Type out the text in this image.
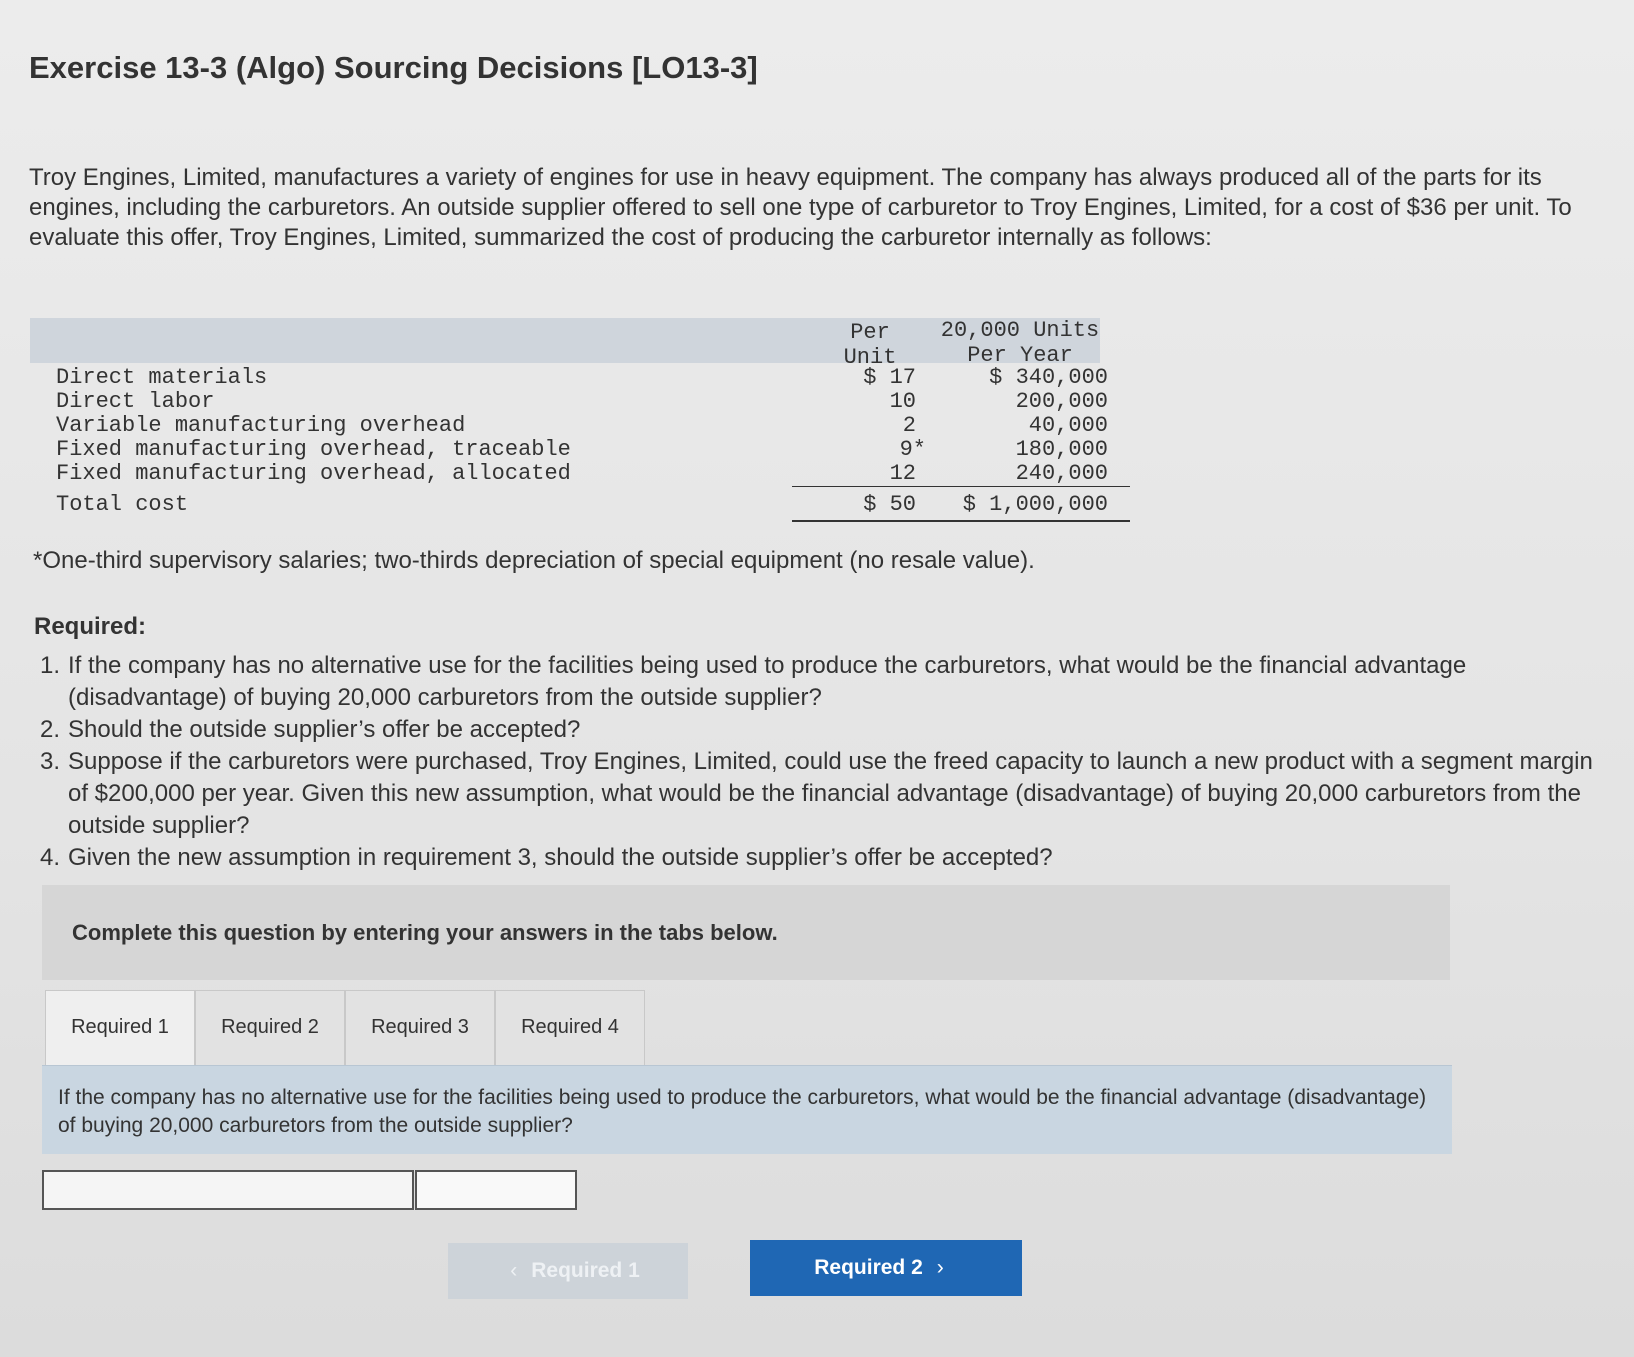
Exercise 13-3 (Algo) Sourcing Decisions [LO13-3]

Troy Engines, Limited, manufactures a variety of engines for use in heavy equipment. The company has always produced all of the parts for its engines, including the carburetors. An outside supplier offered to sell one type of carburetor to Troy Engines, Limited, for a cost of $36 per unit. To evaluate this offer, Troy Engines, Limited, summarized the cost of producing the carburetor internally as follows:

Per
Unit
20,000 Units
Per Year
Direct materials	$ 17	$ 340,000
Direct labor	10	200,000
Variable manufacturing overhead	2	40,000
Fixed manufacturing overhead, traceable	9*	180,000
Fixed manufacturing overhead, allocated	12	240,000
Total cost	$ 50	$ 1,000,000
*One-third supervisory salaries; two-thirds depreciation of special equipment (no resale value).
Required:
1. If the company has no alternative use for the facilities being used to produce the carburetors, what would be the financial advantage (disadvantage) of buying 20,000 carburetors from the outside supplier?
2. Should the outside supplier’s offer be accepted?
3. Suppose if the carburetors were purchased, Troy Engines, Limited, could use the freed capacity to launch a new product with a segment margin of $200,000 per year. Given this new assumption, what would be the financial advantage (disadvantage) of buying 20,000 carburetors from the outside supplier?
4. Given the new assumption in requirement 3, should the outside supplier’s offer be accepted?
Complete this question by entering your answers in the tabs below.
Required 1	Required 2	Required 3	Required 4
If the company has no alternative use for the facilities being used to produce the carburetors, what would be the financial advantage (disadvantage) of buying 20,000 carburetors from the outside supplier?
‹ Required 1	Required 2 ›
